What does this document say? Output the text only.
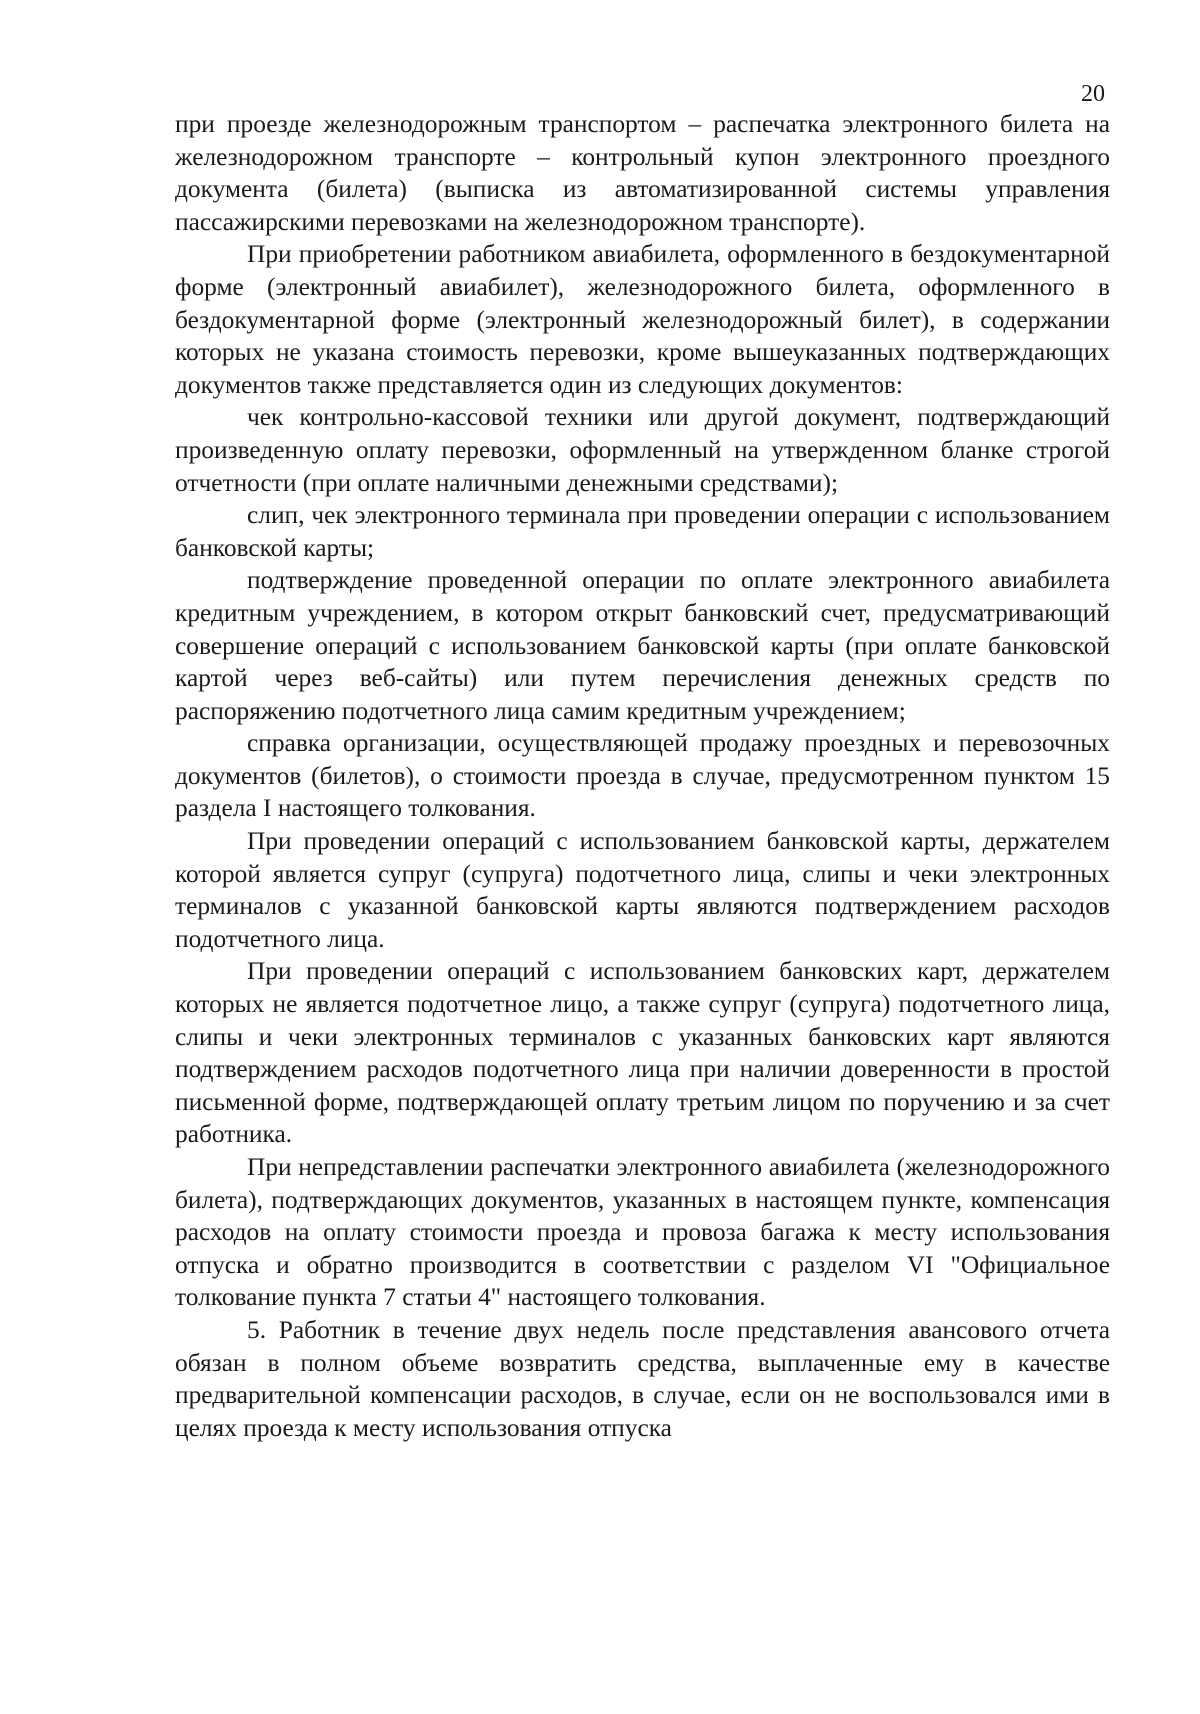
20

при проезде железнодорожным транспортом – распечатка электронного билета на железнодорожном транспорте – контрольный купон электронного проездного документа (билета) (выписка из автоматизированной системы управления пассажирскими перевозками на железнодорожном транспорте).

При приобретении работником авиабилета, оформленного в бездокументарной форме (электронный авиабилет), железнодорожного билета, оформленного в бездокументарной форме (электронный железнодорожный билет), в содержании которых не указана стоимость перевозки, кроме вышеуказанных подтверждающих документов также представляется один из следующих документов:

чек контрольно-кассовой техники или другой документ, подтверждающий произведенную оплату перевозки, оформленный на утвержденном бланке строгой отчетности (при оплате наличными денежными средствами);

слип, чек электронного терминала при проведении операции с использованием банковской карты;

подтверждение проведенной операции по оплате электронного авиабилета кредитным учреждением, в котором открыт банковский счет, предусматривающий совершение операций с использованием банковской карты (при оплате банковской картой через веб-сайты) или путем перечисления денежных средств по распоряжению подотчетного лица самим кредитным учреждением;

справка организации, осуществляющей продажу проездных и перевозочных документов (билетов), о стоимости проезда в случае, предусмотренном пунктом 15 раздела I настоящего толкования.

При проведении операций с использованием банковской карты, держателем которой является супруг (супруга) подотчетного лица, слипы и чеки электронных терминалов с указанной банковской карты являются подтверждением расходов подотчетного лица.

При проведении операций с использованием банковских карт, держателем которых не является подотчетное лицо, а также супруг (супруга) подотчетного лица, слипы и чеки электронных терминалов с указанных банковских карт являются подтверждением расходов подотчетного лица при наличии доверенности в простой письменной форме, подтверждающей оплату третьим лицом по поручению и за счет работника.

При непредставлении распечатки электронного авиабилета (железнодорожного билета), подтверждающих документов, указанных в настоящем пункте, компенсация расходов на оплату стоимости проезда и провоза багажа к месту использования отпуска и обратно производится в соответствии с разделом VI "Официальное толкование пункта 7 статьи 4" настоящего толкования.

5. Работник в течение двух недель после представления авансового отчета обязан в полном объеме возвратить средства, выплаченные ему в качестве предварительной компенсации расходов, в случае, если он не воспользовался ими в целях проезда к месту использования отпуска
